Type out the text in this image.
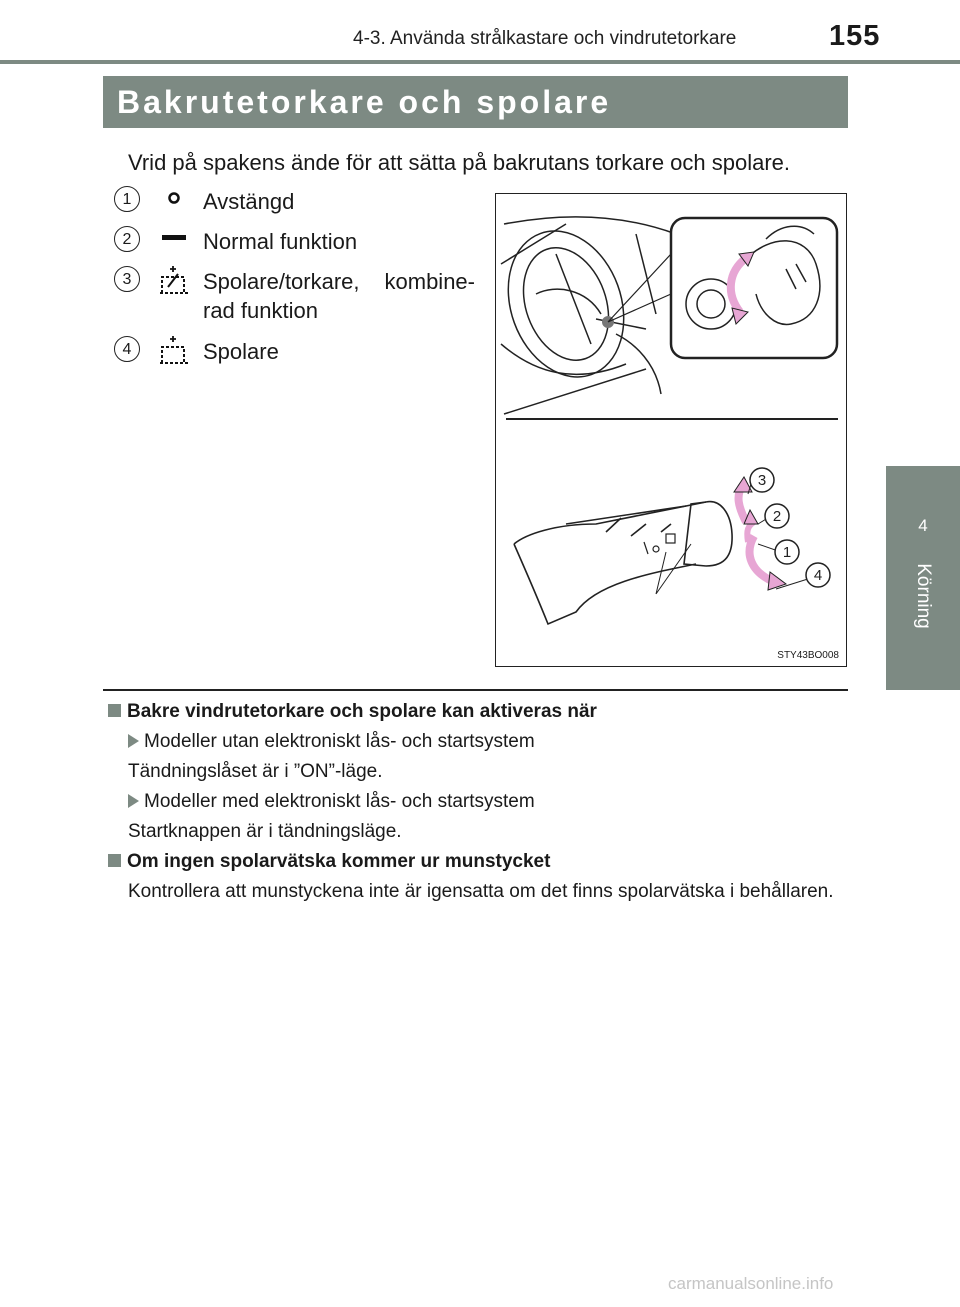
4-3. Använda strålkastare och vindrutetorkare	155
Bakrutetorkare och spolare
4
Körning
Vrid på spakens ände för att sätta på bakrutans torkare och spolare.
1	Avstängd
2	Normal funktion
3	Spolare/torkare, kombine-rad funktion
4	Spolare
3
2
1
4
STY43BO008
Bakre vindrutetorkare och spolare kan aktiveras när
Modeller utan elektroniskt lås- och startsystem
Tändningslåset är i ”ON”-läge.
Modeller med elektroniskt lås- och startsystem
Startknappen är i tändningsläge.
Om ingen spolarvätska kommer ur munstycket
Kontrollera att munstyckena inte är igensatta om det finns spolarvätska i behållaren.
carmanualsonline.info
